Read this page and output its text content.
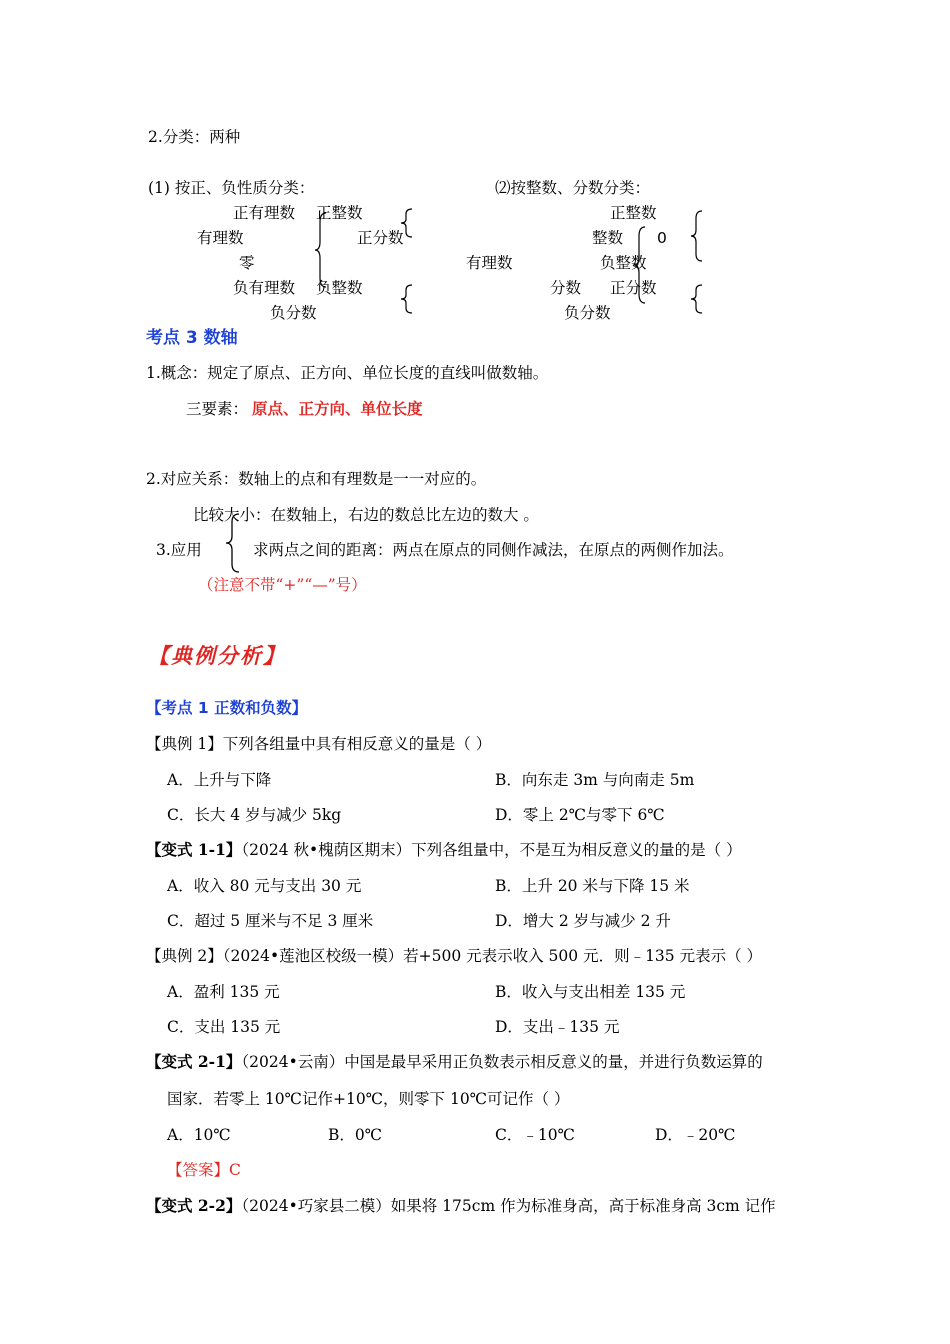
2.分类：两种
(1) 按正、负性质分类：
正有理数 正整数
有理数	正分数
零
负有理数 负整数
负分数
⑵按整数、分数分类：
正整数
整数 0
有理数	负整数
分数 正分数
负分数
考点 3 数轴
1.概念：规定了原点、正方向、单位长度的直线叫做数轴。
三要素： 原点、正方向、单位长度
2.对应关系：数轴上的点和有理数是一一对应的。
比较大小：在数轴上，右边的数总比左边的数大 。
3.应用	求两点之间的距离：两点在原点的同侧作减法，在原点的两侧作加法。
（注意不带“+”“—”号）
【典例分析】
【考点 1 正数和负数】
【典例 1】下列各组量中具有相反意义的量是（ ）
A．上升与下降	B．向东走 3m 与向南走 5m
C．长大 4 岁与减少 5kg	D．零上 2℃与零下 6℃
【变式 1-1】（2024 秋•槐荫区期末）下列各组量中，不是互为相反意义的量的是（ ）
A．收入 80 元与支出 30 元	B．上升 20 米与下降 15 米
C．超过 5 厘米与不足 3 厘米	D．增大 2 岁与减少 2 升
【典例 2】（2024•莲池区校级一模）若+500 元表示收入 500 元．则﹣135 元表示（ ）
A．盈利 135 元	B．收入与支出相差 135 元
C．支出 135 元	D．支出﹣135 元
【变式 2-1】（2024•云南）中国是最早采用正负数表示相反意义的量，并进行负数运算的
国家．若零上 10℃记作+10℃，则零下 10℃可记作（ ）
A．10℃	B．0℃	C．﹣10℃	D．﹣20℃
【答案】C
【变式 2-2】（2024•巧家县二模）如果将 175cm 作为标准身高，高于标准身高 3cm 记作
